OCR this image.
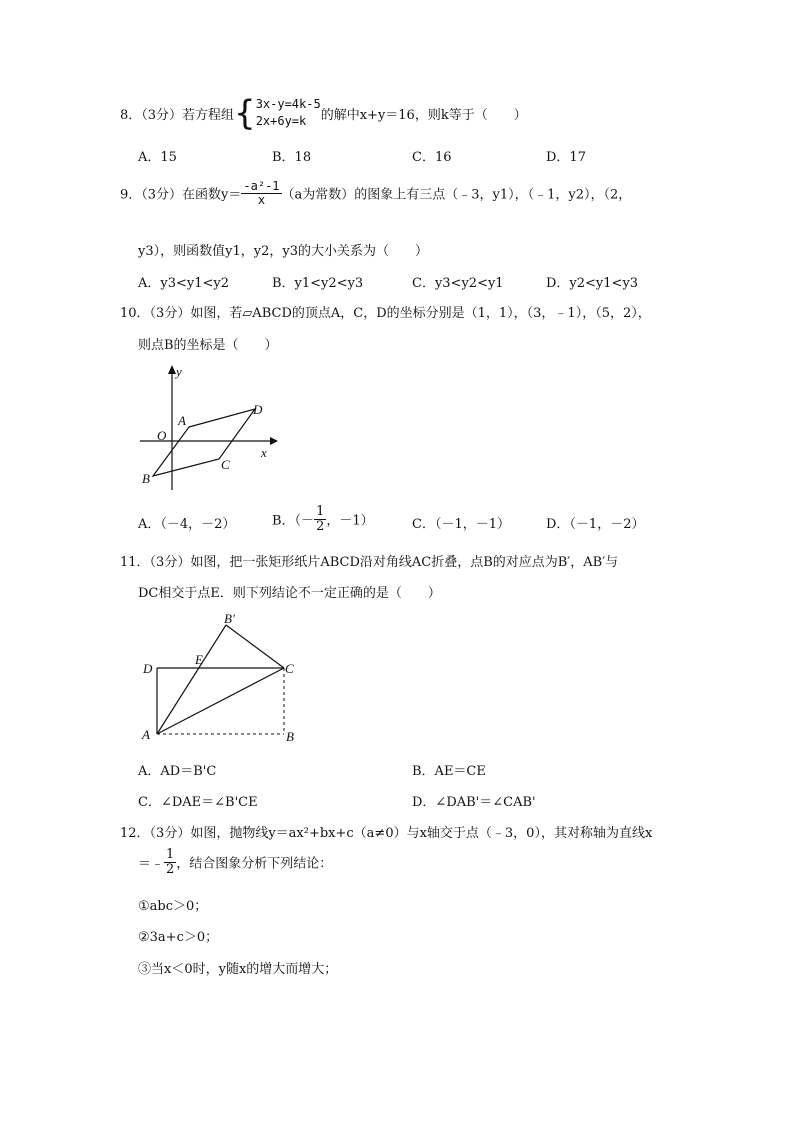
8．（3分）若方程组{3x-y=4k-5
2x+6y=k 的解中x+y＝16，则k等于（　　）
A．15	B．18	C．16	D．17
9．（3分）在函数$y= \frac{\text{-a²-1}}{x} (a$为常数）的图象上有三点（﹣3，y1），（﹣1，y2），（2，
y3），则函数值y1，y2，y3的大小关系为（　　）
A．y3<y1<y2	B．y1<y2<y3	C．y3<y2<y1	D．y2<y1<y3
10．（3分）如图，若▱ABCD的顶点A，C，D的坐标分别是（1，1），（3，﹣1），（5，2），
则点B的坐标是（　　）
y
x
O
A
B
C
D
A．（－4，－2）	B．（－ $\frac{1}{2}$ ，－1）	C．（－1，－1）	D．（－1，－2）
11．（3分）如图，把一张矩形纸片ABCD沿对角线AC折叠，点B的对应点为B′，AB′与
DC相交于点E．则下列结论不一定正确的是（　　）
B'
D
E
C
A	B
A．AD＝B'C	B．AE＝CE
C．∠DAE＝∠B'CE	D．∠DAB'＝∠CAB'
12．（3分）如图，抛物线y＝ax²+bx+c（a≠0）与x轴交于点（﹣3，0），其对称轴为直线x
＝﹣ $\frac{1}{2}$ ，结合图象分析下列结论：
①abc＞0；
②3a+c＞0；
③当x＜0时，y随x的增大而增大；
